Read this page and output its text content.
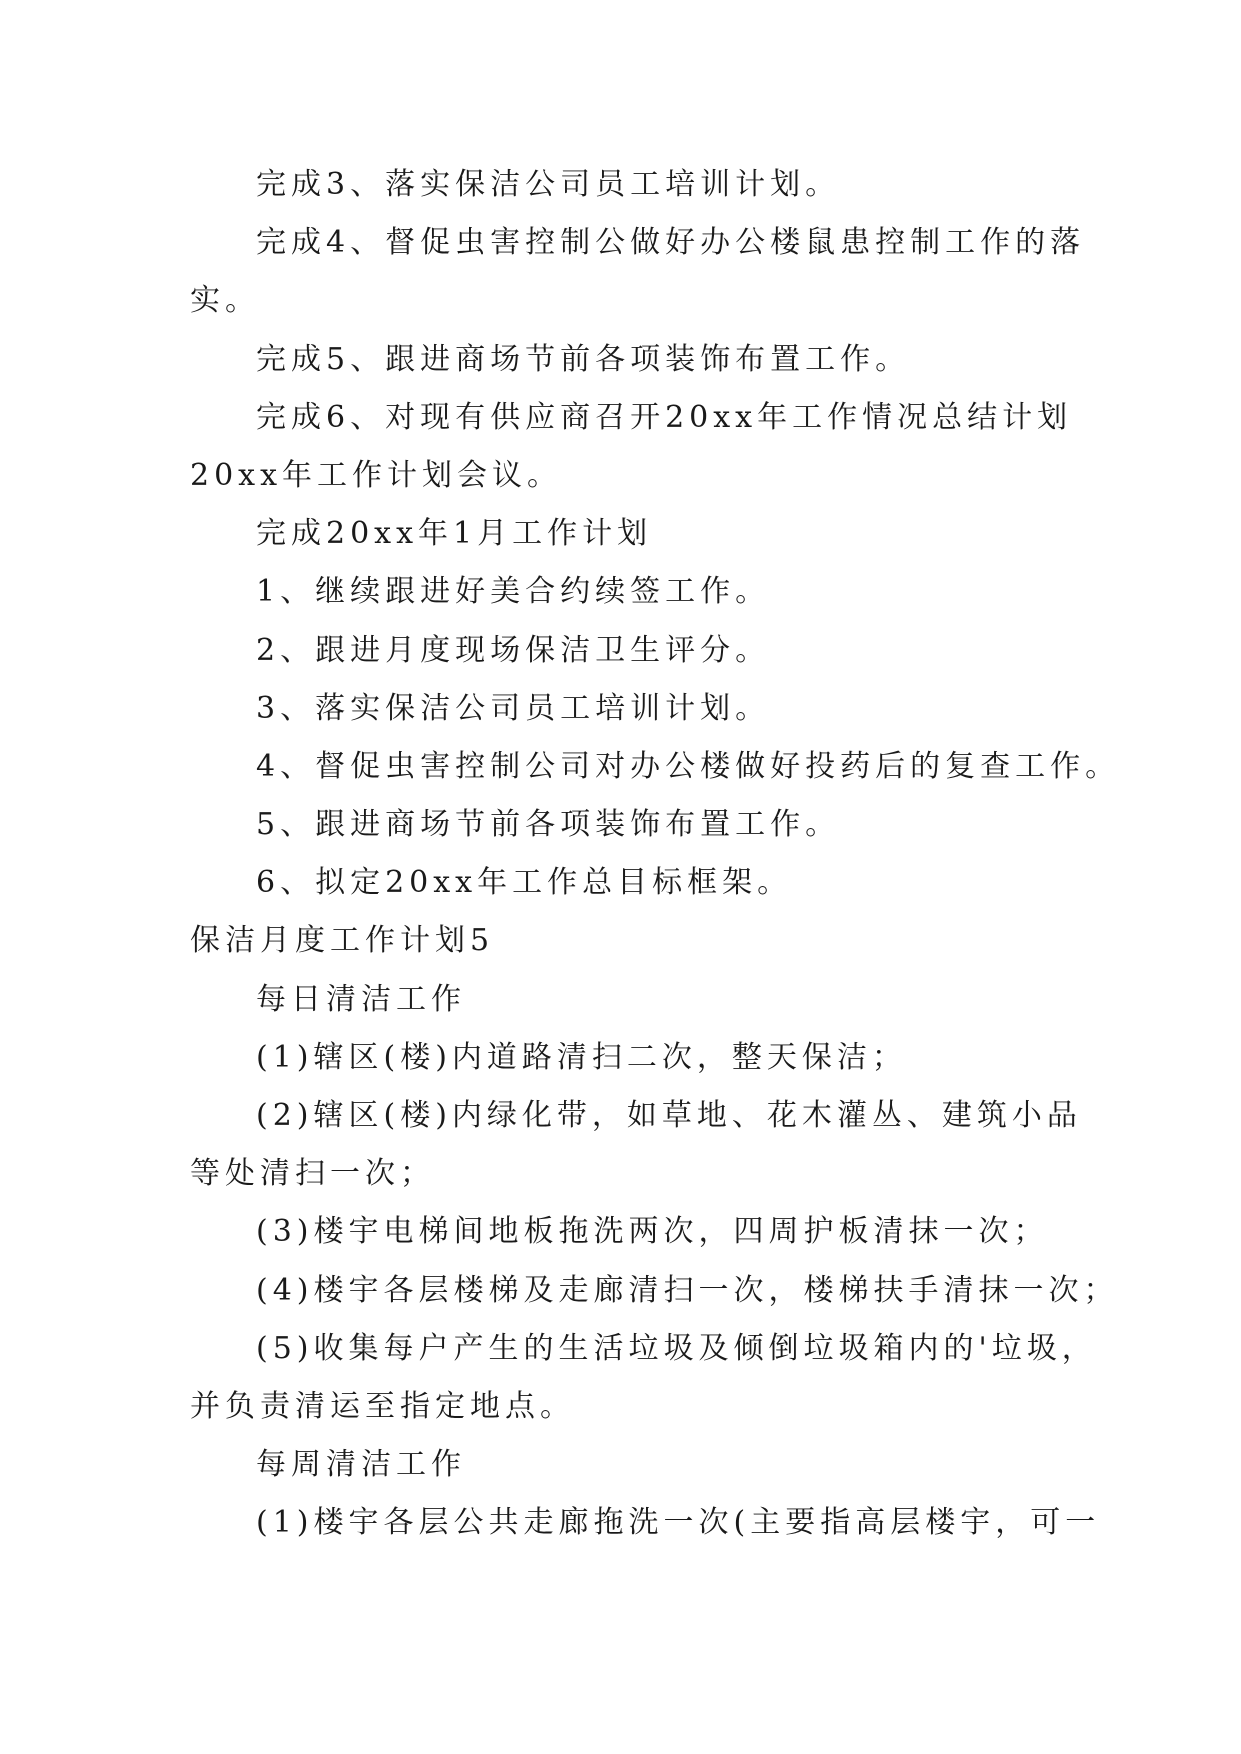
完成3、落实保洁公司员工培训计划。
完成4、督促虫害控制公做好办公楼鼠患控制工作的落
实。
完成5、跟进商场节前各项装饰布置工作。
完成6、对现有供应商召开20xx年工作情况总结计划
20xx年工作计划会议。
完成20xx年1月工作计划
1、继续跟进好美合约续签工作。
2、跟进月度现场保洁卫生评分。
3、落实保洁公司员工培训计划。
4、督促虫害控制公司对办公楼做好投药后的复查工作。
5、跟进商场节前各项装饰布置工作。
6、拟定20xx年工作总目标框架。
保洁月度工作计划5
每日清洁工作
(1)辖区(楼)内道路清扫二次，整天保洁；
(2)辖区(楼)内绿化带，如草地、花木灌丛、建筑小品
等处清扫一次；
(3)楼宇电梯间地板拖洗两次，四周护板清抹一次；
(4)楼宇各层楼梯及走廊清扫一次，楼梯扶手清抹一次；
(5)收集每户产生的生活垃圾及倾倒垃圾箱内的'垃圾，
并负责清运至指定地点。
每周清洁工作
(1)楼宇各层公共走廊拖洗一次(主要指高层楼宇，可一
